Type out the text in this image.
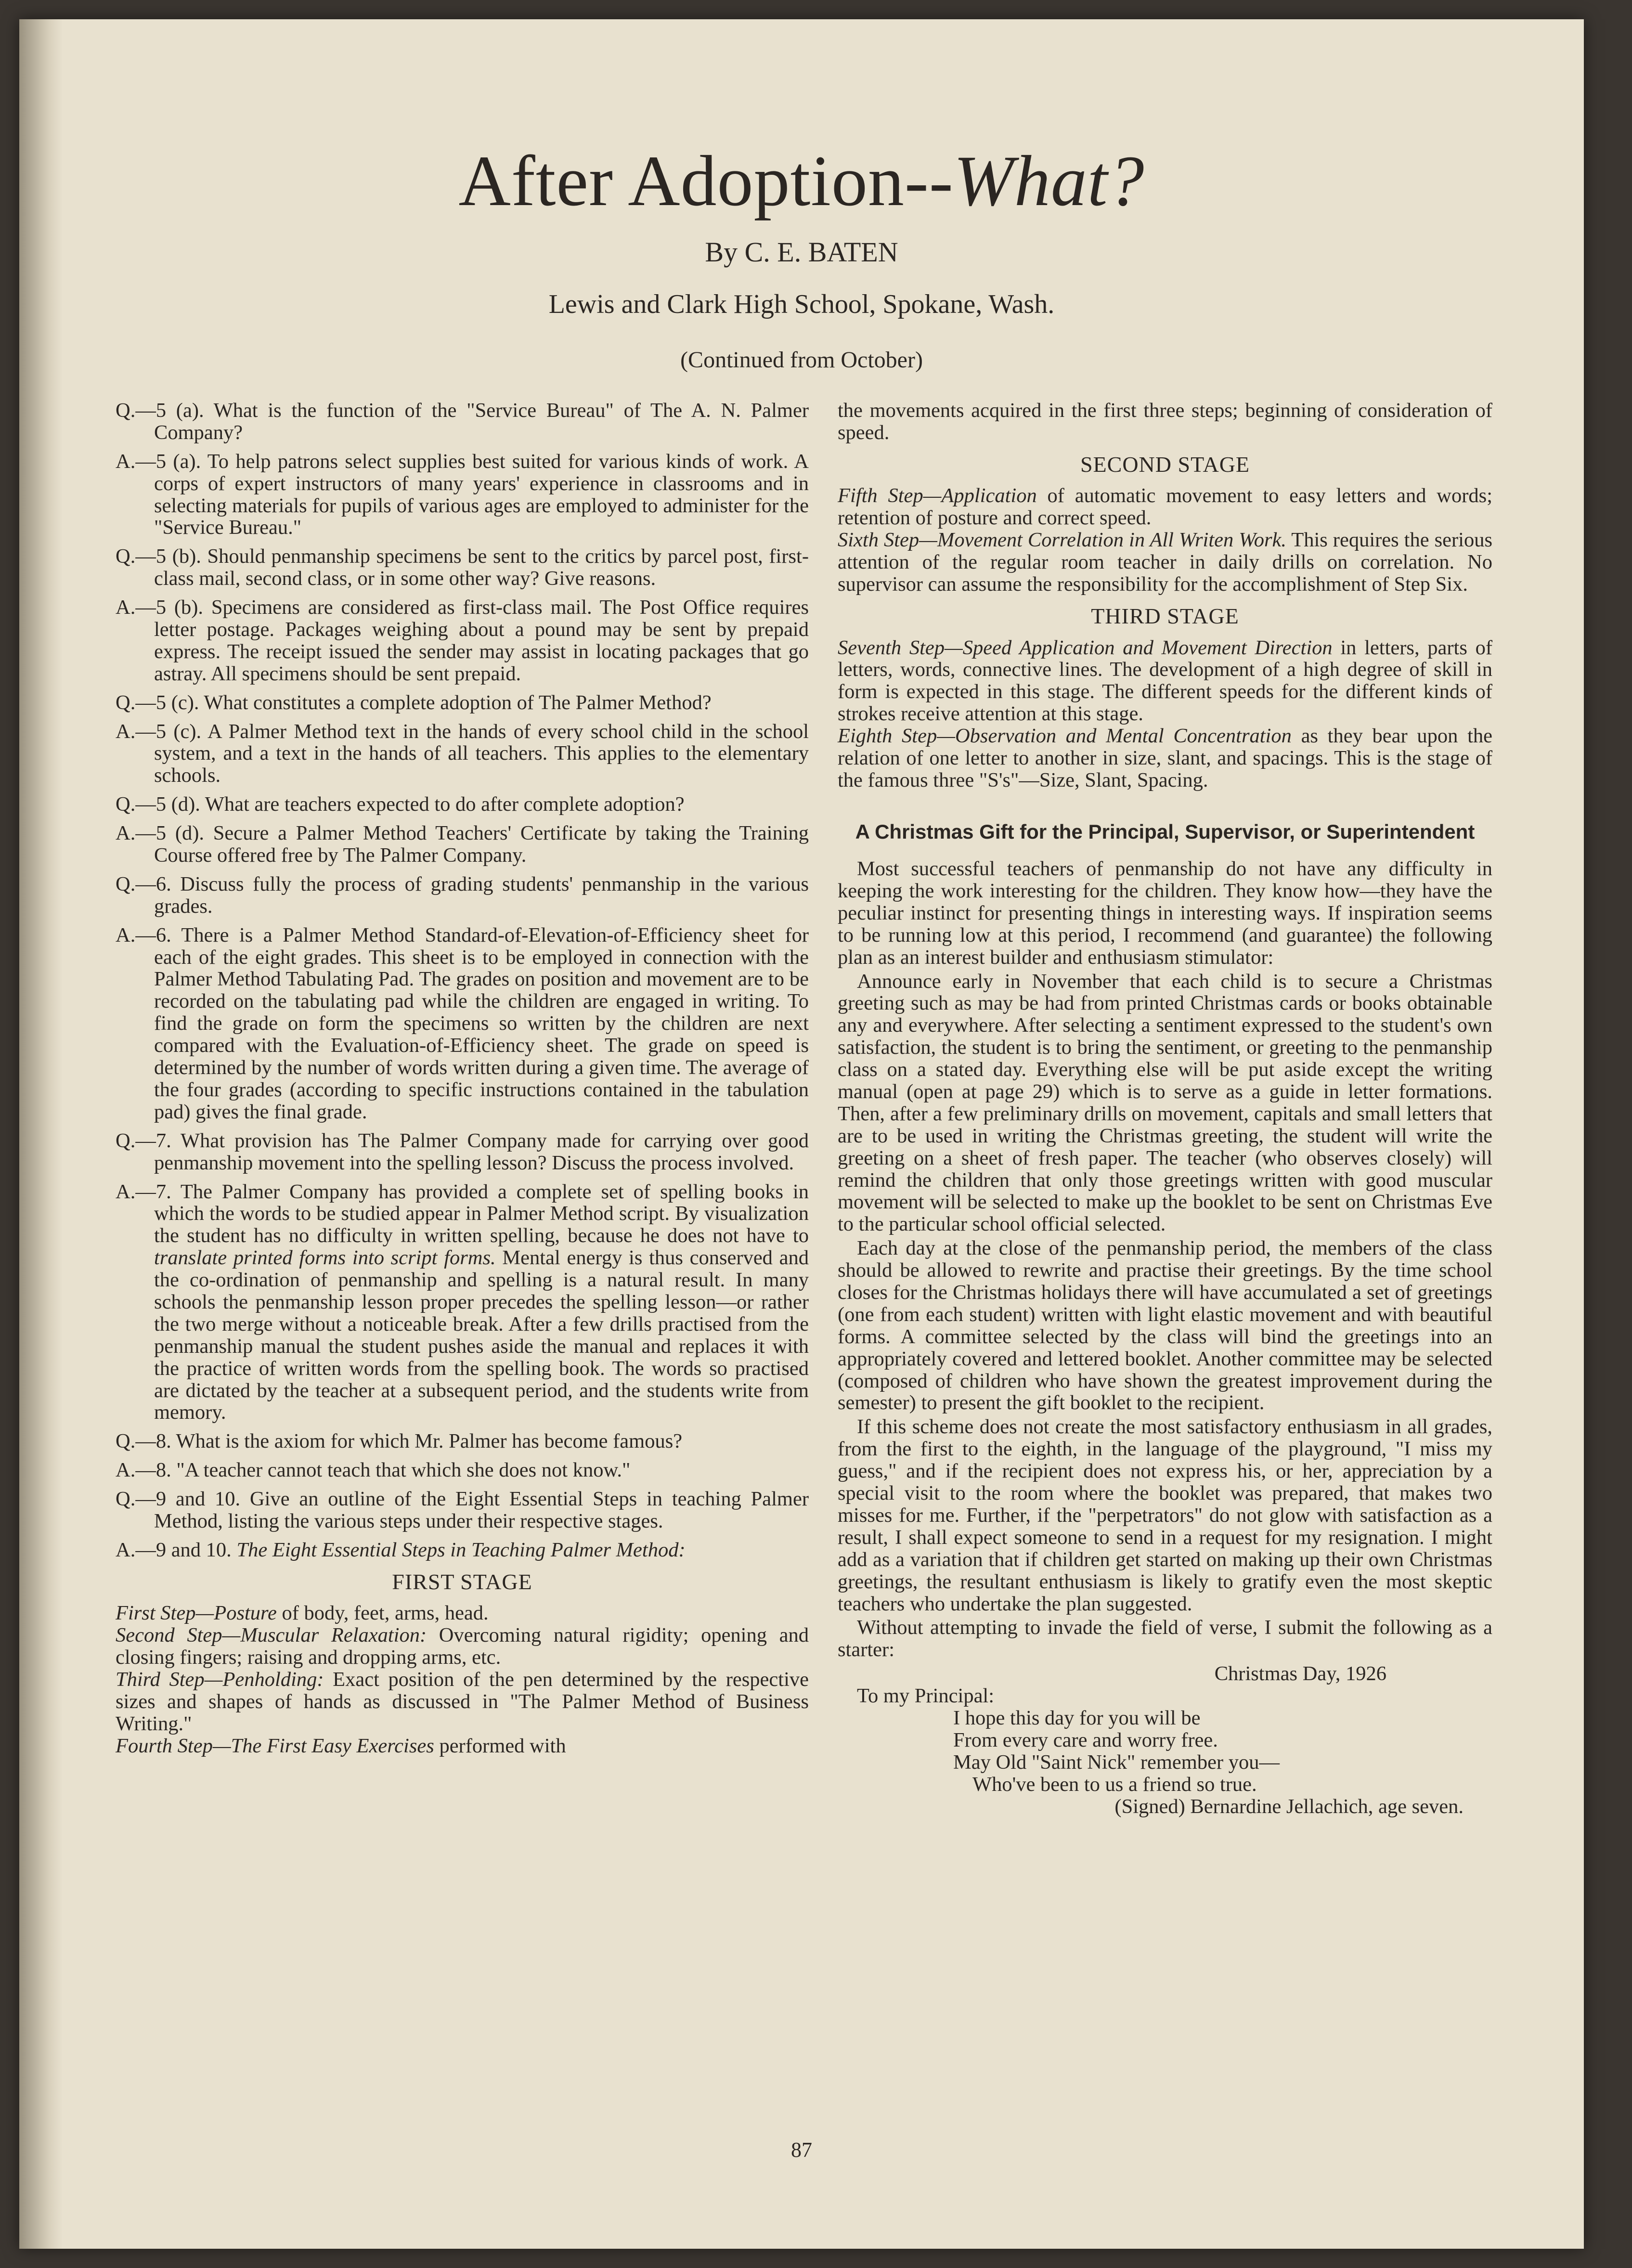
After Adoption--What?
By C. E. BATEN
Lewis and Clark High School, Spokane, Wash.
(Continued from October)

Q.—5 (a). What is the function of the "Service Bureau" of The A. N. Palmer Company?

A.—5 (a). To help patrons select supplies best suited for various kinds of work. A corps of expert instructors of many years' experience in classrooms and in selecting materials for pupils of various ages are employed to administer for the "Service Bureau."

Q.—5 (b). Should penmanship specimens be sent to the critics by parcel post, first-class mail, second class, or in some other way? Give reasons.

A.—5 (b). Specimens are considered as first-class mail. The Post Office requires letter postage. Packages weighing about a pound may be sent by prepaid express. The receipt issued the sender may assist in locating packages that go astray. All specimens should be sent prepaid.

Q.—5 (c). What constitutes a complete adoption of The Palmer Method?

A.—5 (c). A Palmer Method text in the hands of every school child in the school system, and a text in the hands of all teachers. This applies to the elementary schools.

Q.—5 (d). What are teachers expected to do after complete adoption?

A.—5 (d). Secure a Palmer Method Teachers' Certificate by taking the Training Course offered free by The Palmer Company.

Q.—6. Discuss fully the process of grading students' penmanship in the various grades.

A.—6. There is a Palmer Method Standard-of-Elevation-of-Efficiency sheet for each of the eight grades. This sheet is to be employed in connection with the Palmer Method Tabulating Pad. The grades on position and movement are to be recorded on the tabulating pad while the children are engaged in writing. To find the grade on form the specimens so written by the children are next compared with the Evaluation-of-Efficiency sheet. The grade on speed is determined by the number of words written during a given time. The average of the four grades (according to specific instructions contained in the tabulation pad) gives the final grade.

Q.—7. What provision has The Palmer Company made for carrying over good penmanship movement into the spelling lesson? Discuss the process involved.

A.—7. The Palmer Company has provided a complete set of spelling books in which the words to be studied appear in Palmer Method script. By visualization the student has no difficulty in written spelling, because he does not have to translate printed forms into script forms. Mental energy is thus conserved and the co-ordination of penmanship and spelling is a natural result. In many schools the penmanship lesson proper precedes the spelling lesson—or rather the two merge without a noticeable break. After a few drills practised from the penmanship manual the student pushes aside the manual and replaces it with the practice of written words from the spelling book. The words so practised are dictated by the teacher at a subsequent period, and the students write from memory.

Q.—8. What is the axiom for which Mr. Palmer has become famous?

A.—8. "A teacher cannot teach that which she does not know."

Q.—9 and 10. Give an outline of the Eight Essential Steps in teaching Palmer Method, listing the various steps under their respective stages.

A.—9 and 10. The Eight Essential Steps in Teaching Palmer Method:

FIRST STAGE

First Step—Posture of body, feet, arms, head.

Second Step—Muscular Relaxation: Overcoming natural rigidity; opening and closing fingers; raising and dropping arms, etc.

Third Step—Penholding: Exact position of the pen determined by the respective sizes and shapes of hands as discussed in "The Palmer Method of Business Writing."

Fourth Step—The First Easy Exercises performed with

the movements acquired in the first three steps; beginning of consideration of speed.

SECOND STAGE

Fifth Step—Application of automatic movement to easy letters and words; retention of posture and correct speed.

Sixth Step—Movement Correlation in All Writen Work. This requires the serious attention of the regular room teacher in daily drills on correlation. No supervisor can assume the responsibility for the accomplishment of Step Six.

THIRD STAGE

Seventh Step—Speed Application and Movement Direction in letters, parts of letters, words, connective lines. The development of a high degree of skill in form is expected in this stage. The different speeds for the different kinds of strokes receive attention at this stage.

Eighth Step—Observation and Mental Concentration as they bear upon the relation of one letter to another in size, slant, and spacings. This is the stage of the famous three "S's"—Size, Slant, Spacing.

A Christmas Gift for the Principal, Supervisor, or Superintendent

Most successful teachers of penmanship do not have any difficulty in keeping the work interesting for the children. They know how—they have the peculiar instinct for presenting things in interesting ways. If inspiration seems to be running low at this period, I recommend (and guarantee) the following plan as an interest builder and enthusiasm stimulator:

Announce early in November that each child is to secure a Christmas greeting such as may be had from printed Christmas cards or books obtainable any and everywhere. After selecting a sentiment expressed to the student's own satisfaction, the student is to bring the sentiment, or greeting to the penmanship class on a stated day. Everything else will be put aside except the writing manual (open at page 29) which is to serve as a guide in letter formations. Then, after a few preliminary drills on movement, capitals and small letters that are to be used in writing the Christmas greeting, the student will write the greeting on a sheet of fresh paper. The teacher (who observes closely) will remind the children that only those greetings written with good muscular movement will be selected to make up the booklet to be sent on Christmas Eve to the particular school official selected.

Each day at the close of the penmanship period, the members of the class should be allowed to rewrite and practise their greetings. By the time school closes for the Christmas holidays there will have accumulated a set of greetings (one from each student) written with light elastic movement and with beautiful forms. A committee selected by the class will bind the greetings into an appropriately covered and lettered booklet. Another committee may be selected (composed of children who have shown the greatest improvement during the semester) to present the gift booklet to the recipient.

If this scheme does not create the most satisfactory enthusiasm in all grades, from the first to the eighth, in the language of the playground, "I miss my guess," and if the recipient does not express his, or her, appreciation by a special visit to the room where the booklet was prepared, that makes two misses for me. Further, if the "perpetrators" do not glow with satisfaction as a result, I shall expect someone to send in a request for my resignation. I might add as a variation that if children get started on making up their own Christmas greetings, the resultant enthusiasm is likely to gratify even the most skeptic teachers who undertake the plan suggested.

Without attempting to invade the field of verse, I submit the following as a starter:

Christmas Day, 1926
To my Principal:
I hope this day for you will be
From every care and worry free.
May Old "Saint Nick" remember you—
Who've been to us a friend so true.
(Signed) Bernardine Jellachich, age seven.
87
